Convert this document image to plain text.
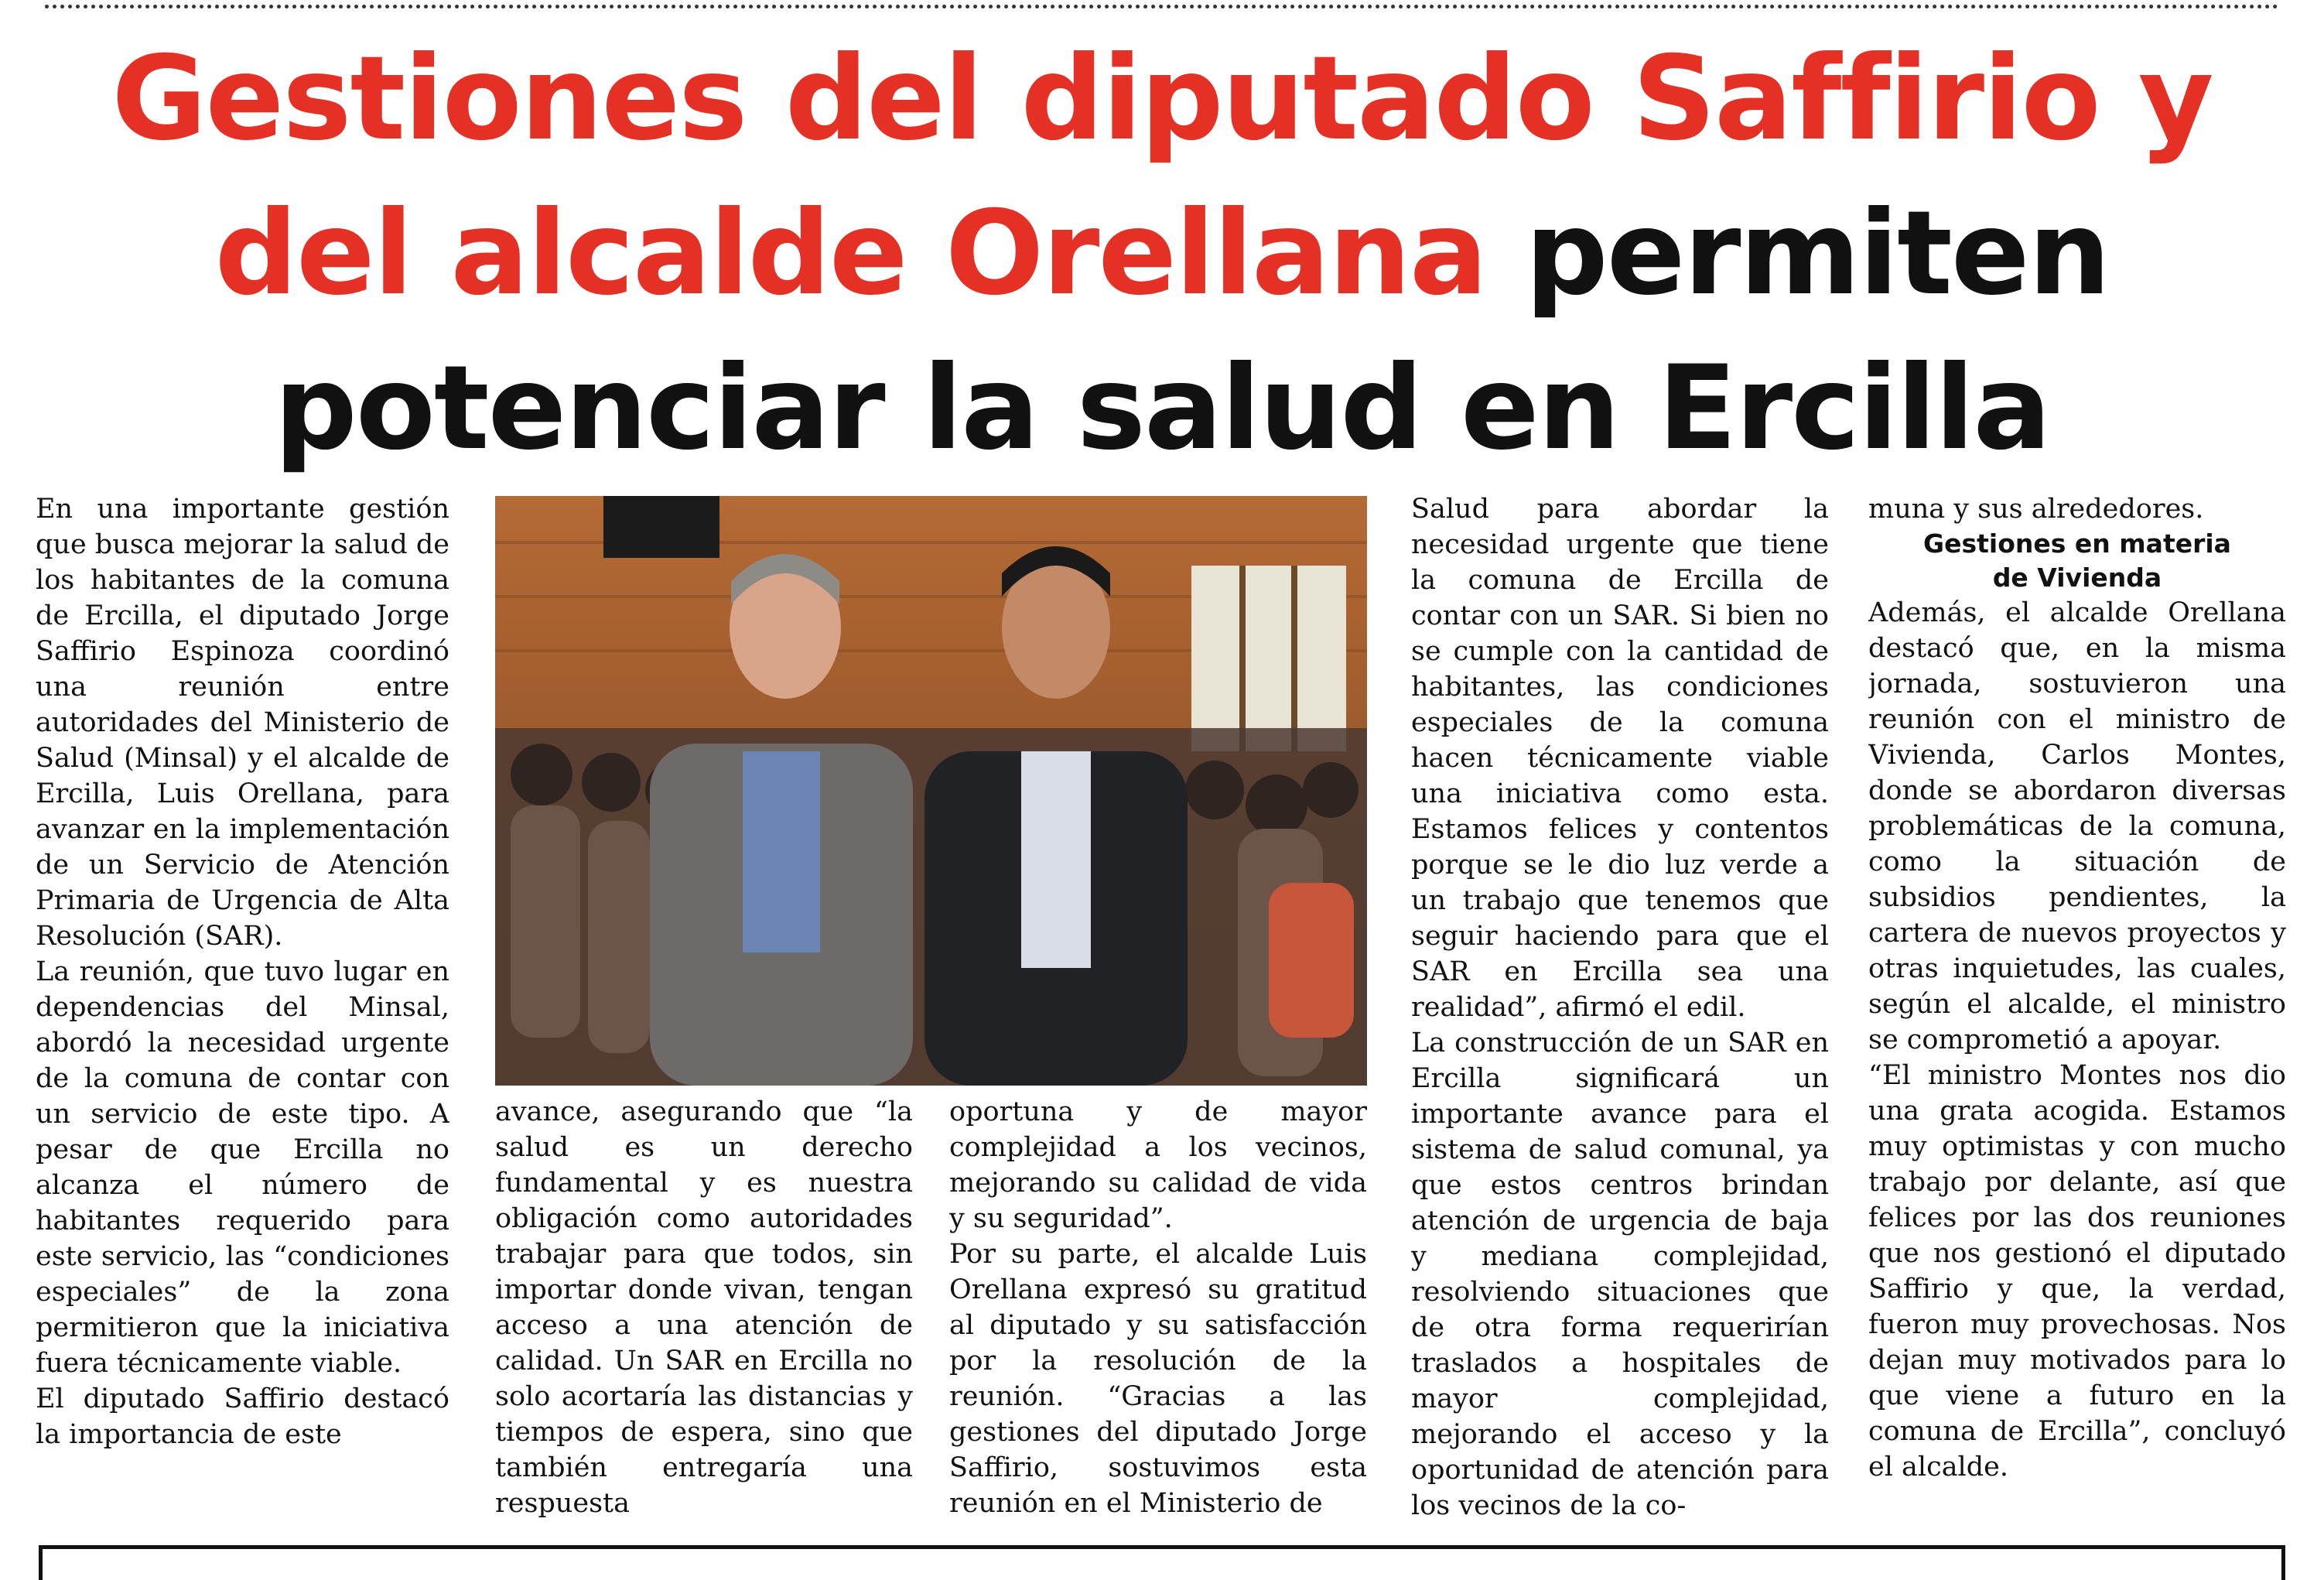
Gestiones del diputado Saffirio y del alcalde Orellana permiten potenciar la salud en Ercilla

En una importante gestión que busca mejorar la salud de los habitantes de la comuna de Ercilla, el diputado Jorge Saffirio Espinoza coordinó una reunión entre autoridades del Ministerio de Salud (Minsal) y el alcalde de Ercilla, Luis Orellana, para avanzar en la implementación de un Servicio de Atención Primaria de Urgencia de Alta Resolución (SAR).

La reunión, que tuvo lugar en dependencias del Minsal, abordó la necesidad urgente de la comuna de contar con un servicio de este tipo. A pesar de que Ercilla no alcanza el número de habitantes requerido para este servicio, las “condiciones especiales” de la zona permitieron que la iniciativa fuera técnicamente viable.

El diputado Saffirio destacó la importancia de este

avance, asegurando que “la salud es un derecho fundamental y es nuestra obligación como autoridades trabajar para que todos, sin importar donde vivan, tengan acceso a una atención de calidad. Un SAR en Ercilla no solo acortaría las distancias y tiempos de espera, sino que también entregaría una respuesta

oportuna y de mayor complejidad a los vecinos, mejorando su calidad de vida y su seguridad”.

Por su parte, el alcalde Luis Orellana expresó su gratitud al diputado y su satisfacción por la resolución de la reunión. “Gracias a las gestiones del diputado Jorge Saffirio, sostuvimos esta reunión en el Ministerio de

Salud para abordar la necesidad urgente que tiene la comuna de Ercilla de contar con un SAR. Si bien no se cumple con la cantidad de habitantes, las condiciones especiales de la comuna hacen técnicamente viable una iniciativa como esta. Estamos felices y contentos porque se le dio luz verde a un trabajo que tenemos que seguir haciendo para que el SAR en Ercilla sea una realidad”, afirmó el edil.

La construcción de un SAR en Ercilla significará un importante avance para el sistema de salud comunal, ya que estos centros brindan atención de urgencia de baja y mediana complejidad, resolviendo situaciones que de otra forma requerirían traslados a hospitales de mayor complejidad, mejorando el acceso y la oportunidad de atención para los vecinos de la co-

muna y sus alrededores.

Gestiones en materia

de Vivienda

Además, el alcalde Orellana destacó que, en la misma jornada, sostuvieron una reunión con el ministro de Vivienda, Carlos Montes, donde se abordaron diversas problemáticas de la comuna, como la situación de subsidios pendientes, la cartera de nuevos proyectos y otras inquietudes, las cuales, según el alcalde, el ministro se comprometió a apoyar.

“El ministro Montes nos dio una grata acogida. Estamos muy optimistas y con mucho trabajo por delante, así que felices por las dos reuniones que nos gestionó el diputado Saffirio y que, la verdad, fueron muy provechosas. Nos dejan muy motivados para lo que viene a futuro en la comuna de Ercilla”, concluyó el alcalde.
